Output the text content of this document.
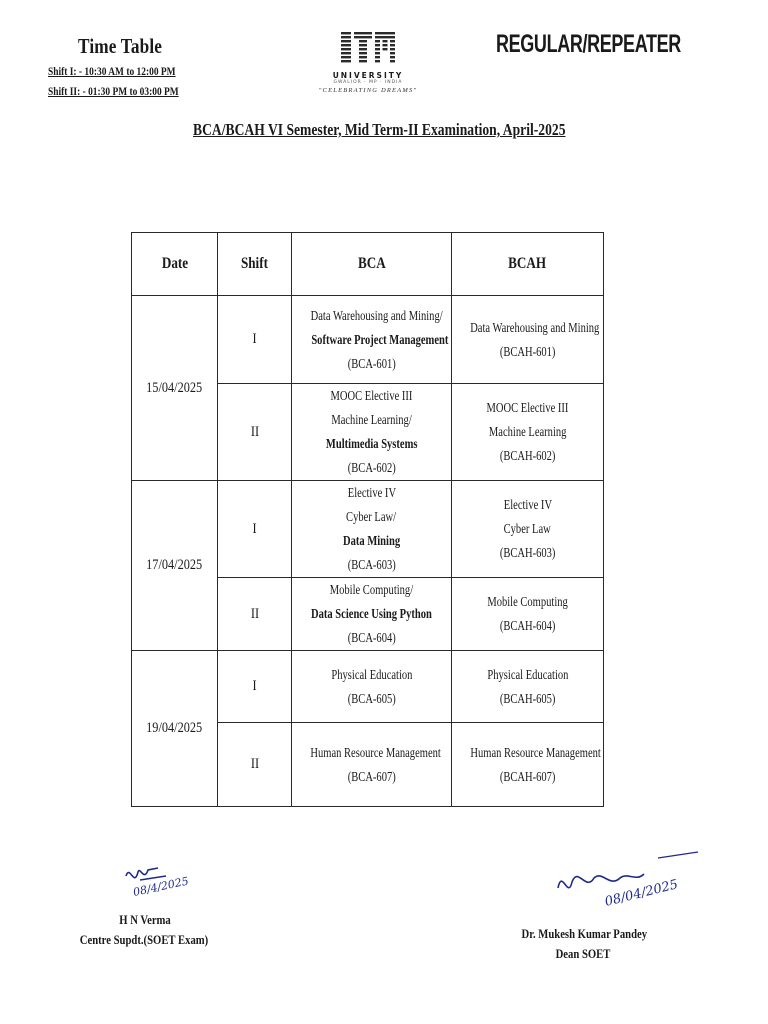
Time Table
Shift I: - 10:30 AM to 12:00 PM
Shift II: - 01:30 PM to 03:00 PM
ITM
UNIVERSITY
GWALIOR · MP · INDIA
"CELEBRATING DREAMS"
REGULAR/REPEATER
BCA/BCAH VI Semester, Mid Term-II Examination, April-2025
Date	Shift	BCA	BCAH
15/04/2025	I	Data Warehousing and Mining/
Software Project Management
(BCA-601)	Data Warehousing and Mining
(BCAH-601)
	II	MOOC Elective III
Machine Learning/
Multimedia Systems
(BCA-602)	MOOC Elective III
Machine Learning
(BCAH-602)
17/04/2025	I	Elective IV
Cyber Law/
Data Mining
(BCA-603)	Elective IV
Cyber Law
(BCAH-603)
	II	Mobile Computing/
Data Science Using Python
(BCA-604)	Mobile Computing
(BCAH-604)
19/04/2025	I	Physical Education
(BCA-605)	Physical Education
(BCAH-605)
	II	Human Resource Management
(BCA-607)	Human Resource Management
(BCAH-607)
08/4/2025
H N Verma
Centre Supdt.(SOET Exam)
08/04/2025
Dr. Mukesh Kumar Pandey
Dean SOET
